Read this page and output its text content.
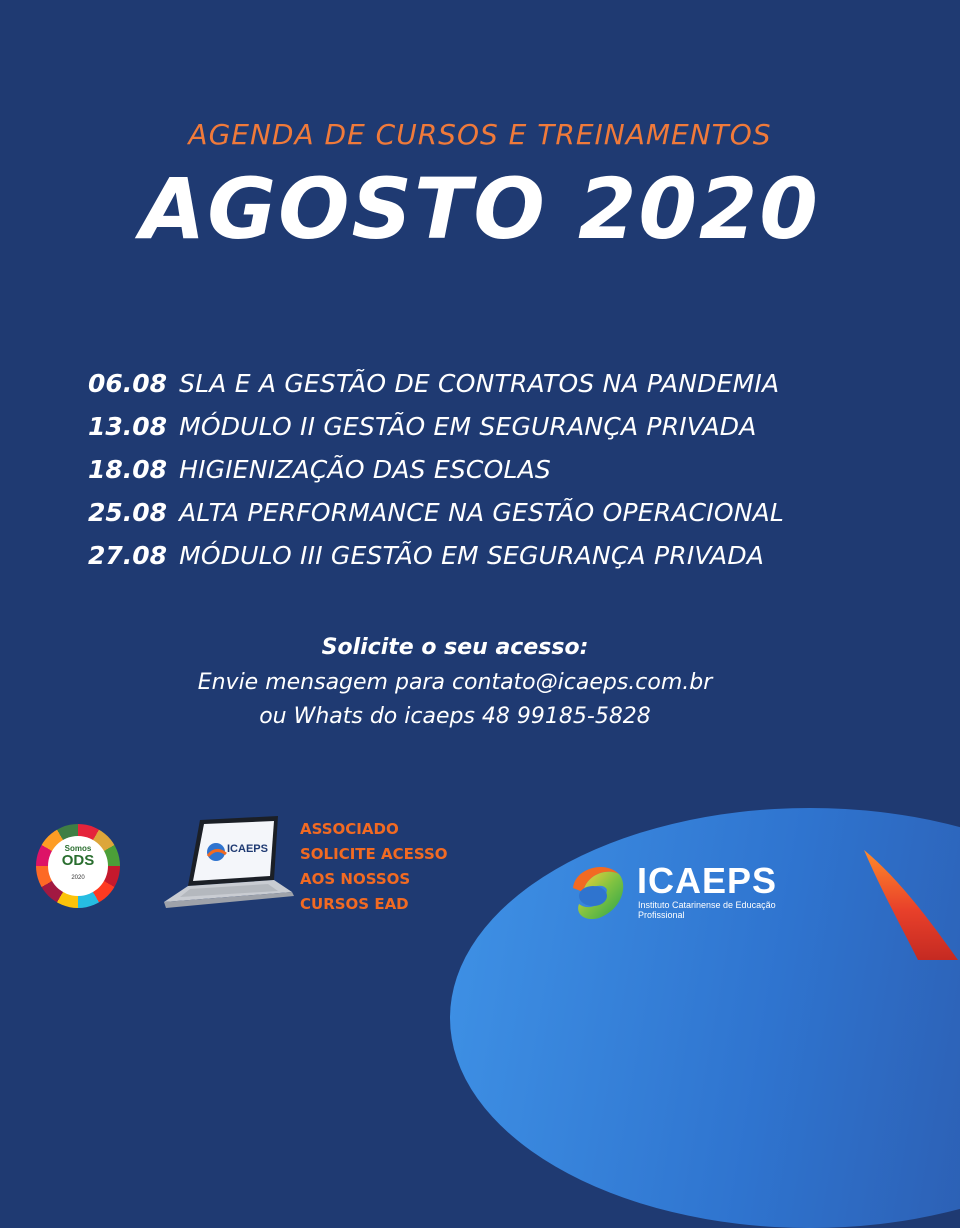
AGENDA DE CURSOS E TREINAMENTOS
AGOSTO 2020
06.08 SLA E A GESTÃO DE CONTRATOS NA PANDEMIA
13.08 MÓDULO II GESTÃO EM SEGURANÇA PRIVADA
18.08 HIGIENIZAÇÃO DAS ESCOLAS
25.08 ALTA PERFORMANCE NA GESTÃO OPERACIONAL
27.08 MÓDULO III GESTÃO EM SEGURANÇA PRIVADA
Solicite o seu acesso:
Envie mensagem para contato@icaeps.com.br
ou Whats do icaeps 48 99185-5828
Somos
ODS
2020
ICAEPS
ASSOCIADO
SOLICITE ACESSO
AOS NOSSOS
CURSOS EAD
ICAEPS
Instituto Catarinense de Educação Profissional
